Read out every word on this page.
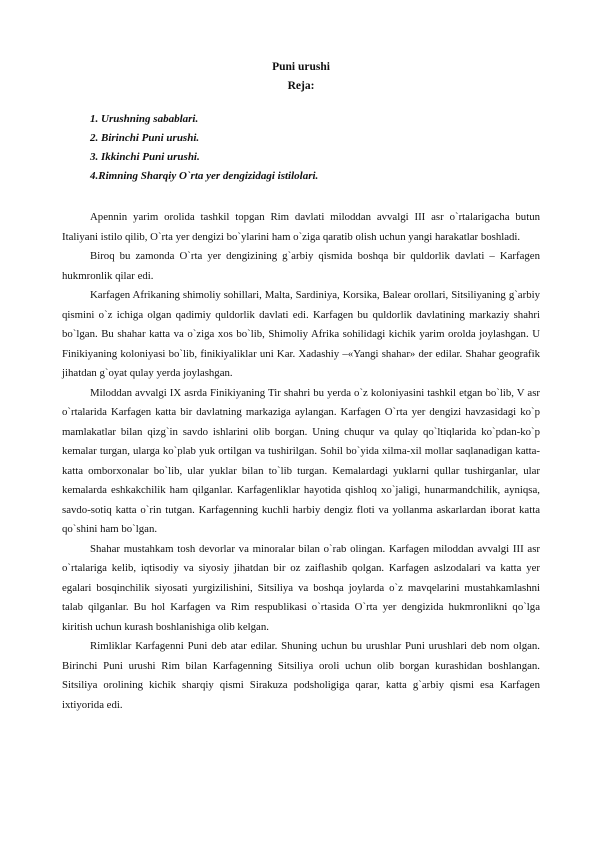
Puni urushi
Reja:
1. Urushning sabablari.
2. Birinchi Puni urushi.
3. Ikkinchi Puni urushi.
4.Rimning Sharqiy O`rta yer dengizidagi istilolari.

Apennin yarim orolida tashkil topgan Rim davlati miloddan avvalgi III asr o`rtalarigacha butun Italiyani istilo qilib, O`rta yer dengizi bo`ylarini ham o`ziga qaratib olish uchun yangi harakatlar boshladi.

Biroq bu zamonda O`rta yer dengizining g`arbiy qismida boshqa bir quldorlik davlati – Karfagen hukmronlik qilar edi.

Karfagen Afrikaning shimoliy sohillari, Malta, Sardiniya, Korsika, Balear orollari, Sitsiliyaning g`arbiy qismini o`z ichiga olgan qadimiy quldorlik davlati edi. Karfagen bu quldorlik davlatining markaziy shahri bo`lgan. Bu shahar katta va o`ziga xos bo`lib, Shimoliy Afrika sohilidagi kichik yarim orolda joylashgan. U Finikiyaning koloniyasi bo`lib, finikiyaliklar uni Kar. Xadashiy –«Yangi shahar» der edilar. Shahar geografik jihatdan g`oyat qulay yerda joylashgan.

Miloddan avvalgi IX asrda Finikiyaning Tir shahri bu yerda o`z koloniyasini tashkil etgan bo`lib, V asr o`rtalarida Karfagen katta bir davlatning markaziga aylangan. Karfagen O`rta yer dengizi havzasidagi ko`p mamlakatlar bilan qizg`in savdo ishlarini olib borgan. Uning chuqur va qulay qo`ltiqlarida ko`pdan-ko`p kemalar turgan, ularga ko`plab yuk ortilgan va tushirilgan. Sohil bo`yida xilma-xil mollar saqlanadigan katta-katta omborxonalar bo`lib, ular yuklar bilan to`lib turgan. Kemalardagi yuklarni qullar tushirganlar, ular kemalarda eshkakchilik ham qilganlar. Karfagenliklar hayotida qishloq xo`jaligi, hunarmandchilik, ayniqsa, savdo-sotiq katta o`rin tutgan. Karfagenning kuchli harbiy dengiz floti va yollanma askarlardan iborat katta qo`shini ham bo`lgan.

Shahar mustahkam tosh devorlar va minoralar bilan o`rab olingan. Karfagen miloddan avvalgi III asr o`rtalariga kelib, iqtisodiy va siyosiy jihatdan bir oz zaiflashib qolgan. Karfagen aslzodalari va katta yer egalari bosqinchilik siyosati yurgizilishini, Sitsiliya va boshqa joylarda o`z mavqelarini mustahkamlashni talab qilganlar. Bu hol Karfagen va Rim respublikasi o`rtasida O`rta yer dengizida hukmronlikni qo`lga kiritish uchun kurash boshlanishiga olib kelgan.

Rimliklar Karfagenni Puni deb atar edilar. Shuning uchun bu urushlar Puni urushlari deb nom olgan. Birinchi Puni urushi Rim bilan Karfagenning Sitsiliya oroli uchun olib borgan kurashidan boshlangan. Sitsiliya orolining kichik sharqiy qismi Sirakuza podsholigiga qarar, katta g`arbiy qismi esa Karfagen ixtiyorida edi.
